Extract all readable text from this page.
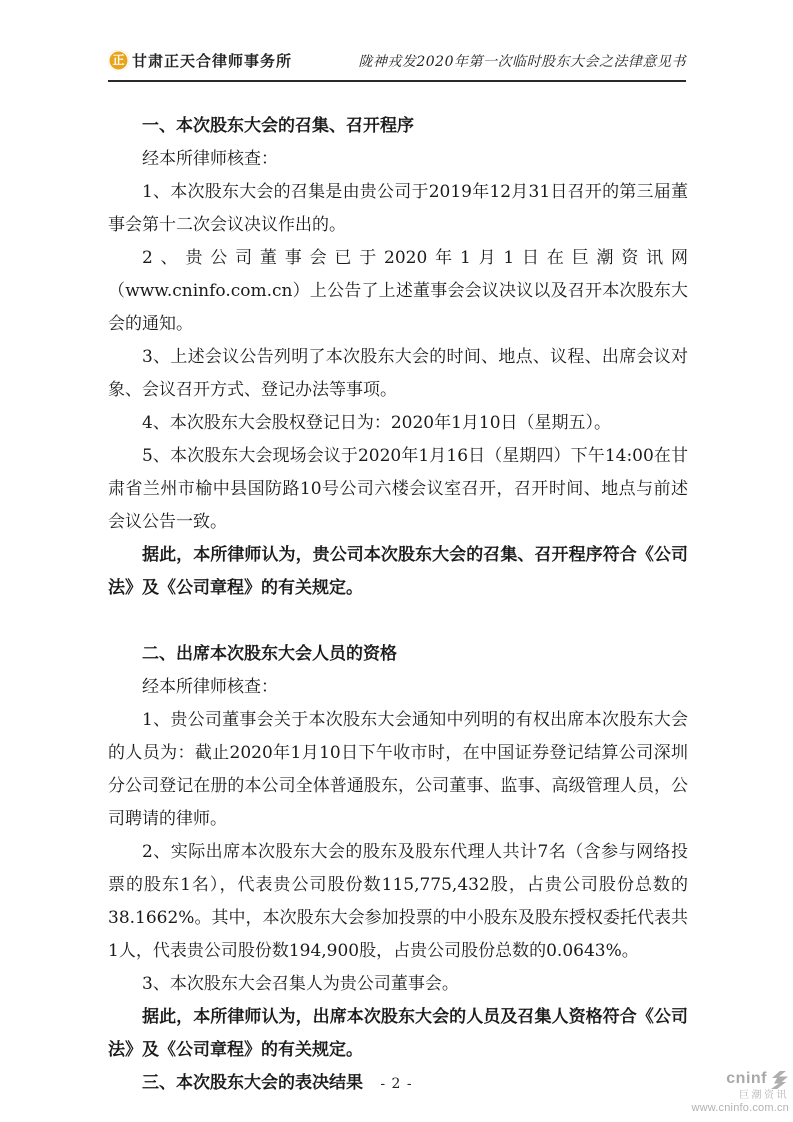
正 甘肃正天合律师事务所	陇神戎发2020年第一次临时股东大会之法律意见书
一、本次股东大会的召集、召开程序
经本所律师核查：
1、本次股东大会的召集是由贵公司于2019年12月31日召开的第三届董事会第十二次会议决议作出的。
2、贵公司董事会已于2020年1月1日在巨潮资讯网（www.cninfo.com.cn）上公告了上述董事会会议决议以及召开本次股东大会的通知。
3、上述会议公告列明了本次股东大会的时间、地点、议程、出席会议对象、会议召开方式、登记办法等事项。
4、本次股东大会股权登记日为：2020年1月10日（星期五）。
5、本次股东大会现场会议于2020年1月16日（星期四）下午14:00在甘肃省兰州市榆中县国防路10号公司六楼会议室召开，召开时间、地点与前述会议公告一致。
据此，本所律师认为，贵公司本次股东大会的召集、召开程序符合《公司法》及《公司章程》的有关规定。
二、出席本次股东大会人员的资格
经本所律师核查：
1、贵公司董事会关于本次股东大会通知中列明的有权出席本次股东大会的人员为：截止2020年1月10日下午收市时，在中国证券登记结算公司深圳分公司登记在册的本公司全体普通股东，公司董事、监事、高级管理人员，公司聘请的律师。
2、实际出席本次股东大会的股东及股东代理人共计7名（含参与网络投票的股东1名），代表贵公司股份数115,775,432股，占贵公司股份总数的38.1662%。其中，本次股东大会参加投票的中小股东及股东授权委托代表共1人，代表贵公司股份数194,900股，占贵公司股份总数的0.0643%。
3、本次股东大会召集人为贵公司董事会。
据此，本所律师认为，出席本次股东大会的人员及召集人资格符合《公司法》及《公司章程》的有关规定。
三、本次股东大会的表决结果	- 2 -	cninf
巨潮资讯
www.cninfo.com.cn
